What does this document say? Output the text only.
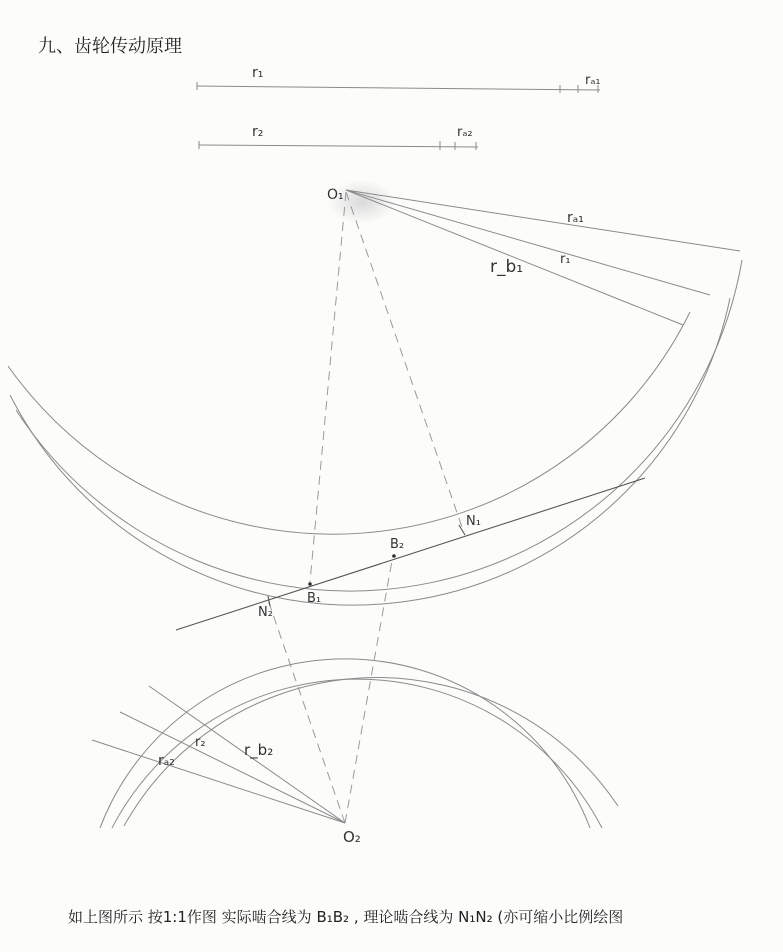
九、齿轮传动原理
r₁	rₐ₁
r₂	rₐ₂
O₁
rₐ₁
r₁
r_b₁
N₁
B₂
B₁
N₂
r₂	r_b₂
rₐ₂
O₂
如上图所示 按1:1作图 实际啮合线为 B₁B₂ , 理论啮合线为 N₁N₂ (亦可缩小比例绘图
